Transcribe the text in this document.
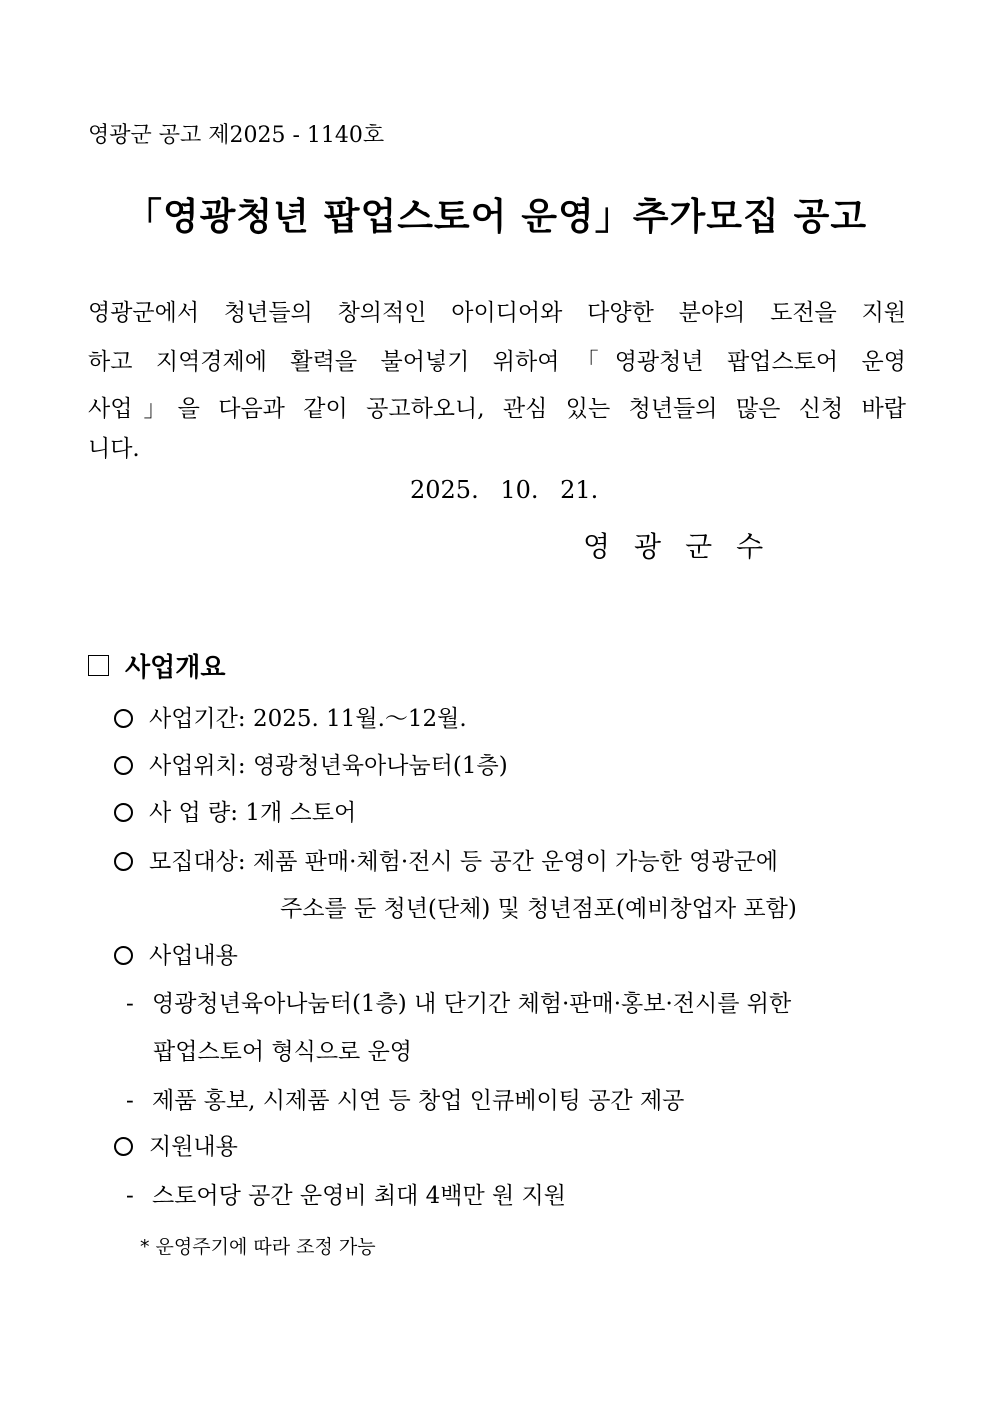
영광군 공고 제2025 - 1140호
「영광청년 팝업스토어 운영」추가모집 공고
영광군에서 청년들의 창의적인 아이디어와 다양한 분야의 도전을 지원
하고 지역경제에 활력을 불어넣기 위하여「영광청년 팝업스토어 운영
사업」을 다음과 같이 공고하오니, 관심 있는 청년들의 많은 신청 바랍
니다.
2025. 10. 21.
영광군수
사업개요
사업기간: 2025. 11월.～12월.
사업위치: 영광청년육아나눔터(1층)
사 업 량: 1개 스토어
모집대상: 제품 판매·체험·전시 등 공간 운영이 가능한 영광군에
주소를 둔 청년(단체) 및 청년점포(예비창업자 포함)
사업내용
- 영광청년육아나눔터(1층) 내 단기간 체험·판매·홍보·전시를 위한
팝업스토어 형식으로 운영
- 제품 홍보, 시제품 시연 등 창업 인큐베이팅 공간 제공
지원내용
- 스토어당 공간 운영비 최대 4백만 원 지원
* 운영주기에 따라 조정 가능
